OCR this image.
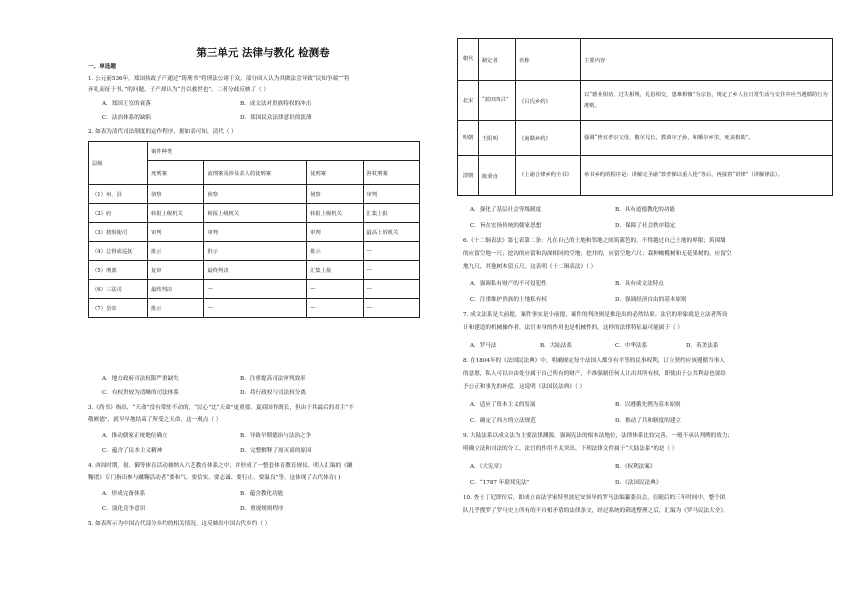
第三单元 法律与教化 检测卷
一、单选题
1. 公元前536年，郑国执政子产通过“铸刑书”将刑法公诸于众，部分国人认为其做法会导致“民知争端”“将
弃礼而征于书，”的问题，子产却认为“吾以救世也”。二者分歧反映了（ ）
A．郑国王室的衰落	B．成文法对贵族特权的冲击
C．法治体系的缺陷	D．郑国民众法律意识的淡薄
2. 如表为清代司法制度的运作程序，据如表可知，清代（ ）
层级	案件种类			
	死刑案	流刑案及涉及杀人的徒刑案	徒刑案	笞杖刑案
（1）州、县	侦察	侦察	侦察	审判
（2）府	转报上级机关	转报上级机关	转报上级机关	汇集上报
（3）按察使司	审判	审判	审判	最高上诉机关
（4）总督或巡抚	批示	批示	批示	—
（5）刑部	复审	最终判决	汇集上报	—
（6）三法司	最终判决	—	—	—
（7）皇帝	批示	—	—	—
A．地方政府司法权限严重缺失	B．注重提高司法审判效率
C．有权贵较为清晰的司法体系	D．将行政权与司法权分离
3.《尚书》指出，“天命”没有常驻不动的，“民心”比“天命”更重要。夏商国祚既长，但由于其最后的君主“不
敬厥德”，就早早地结束了所受之天命。这一观点（ ）
A．推动儒家正统地位确立	B．导致早期德治与法治之争
C．蕴含了民本主义精神	D．完整解释了周灭商的原因
4. 西周时期，射、御等体育活动被纳入六艺教育体系之中，并形成了一整套体育教育规仪。明人汇编的《蹴
鞠谱》专门指出参与蹴鞠活动者“要和气、要信实、要志诚、要行止、要温良”等。这体现了古代体育( )
A．形成完备体系	B．蕴含教化功能
C．弱化竞争意识	D．重视规则程序
5. 如表所示为中国古代部分乡约的相关情况。这反映出中国古代乡约（ ）
朝代	制定者	名称	主要内容
北宋	“蓝田四吕”	《吕氏乡约》	以“德业相劝，过失相规，礼俗相交，患难相恤”为宗旨，规定了乡人在日常生活与交往中应当遵循的行为准则。
明朝	王阳明	《南赣乡约》	强调“皆宜孝尔父母，敬尔兄长，教训尔子孙，和顺尔乡里，死丧相助”。
清朝	陈秉直	《上谕合律乡约全书》	举书乡约的程序是：讲解完圣谕“敦孝悌以重人伦”等后，再接着“讲律”（讲解律法）。
A．强化了基层社会等级制度	B．具有道德教化的功能
C．旨在宏扬传统的儒家思想	D．保障了社会秩序稳定
6.《十二铜表法》第七表第二条：凡在自己的土地和邻地之间筑篱笆的，不得越过自己土地的界限；筑围墙
的应留空地一尺；挖沟的应留和沟深相同的空地；挖井的，应留空地六尺；栽种橄榄树和无花果树的，应留空
地九尺，其他树木留五尺。这表明《十二铜表法》（ ）
A．强调私有财产的不可侵犯性	B．具有成文法特点
C．注重维护贵族的土地私有权	D．强调经济自由的基本原则
7. 成文法系是大前提，案件事实是小前提，案件的判决则是推论出的必然结果。法官的形象就是立法者所设
计和建造的机械操作者，法官本身的作用也是机械性的。这样的法律特征最可能属于（ ）
A．罗马法	B．大陆法系	C．中华法系	D．英美法系
8. 在1804年的《法国民法典》中，明确规定每个法国人都享有平等的民事权利，订立契约应该遵循当事人
的意愿，私人可以自由处分属于自己所有的财产，不准强制任何人让出其所有权，即使由于公共利益也要给
予公正和事先的补偿。这说明《法国民法典》（ ）
A．适应了资本主义的发展	B．以遵循先例为基本原则
C．确定了西方的立法规范	D．推动了共和制度的建立
9. 大陆法系以成文法为主要法律渊源，强调宪法的根本法地位，法律体系比较完善，一般不承认判例的效力；
明确立法和司法的分工，法官的作用不太突出。下列法律文件属于“大陆法系”的是（ ）
A．《大宪章》	B．《权利法案》
C．“1787 年联邦宪法”	D．《法国民法典》
10. 查士丁尼即位后，即成立由法学家特里波尼安领导的罗马法编纂委员会，在随后的三年时间中，整个团
队几乎搜罗了罗马史上所有的不自相矛盾的法律条文，经过系统的筛选整理之后，汇编为《罗马民法大全》。
